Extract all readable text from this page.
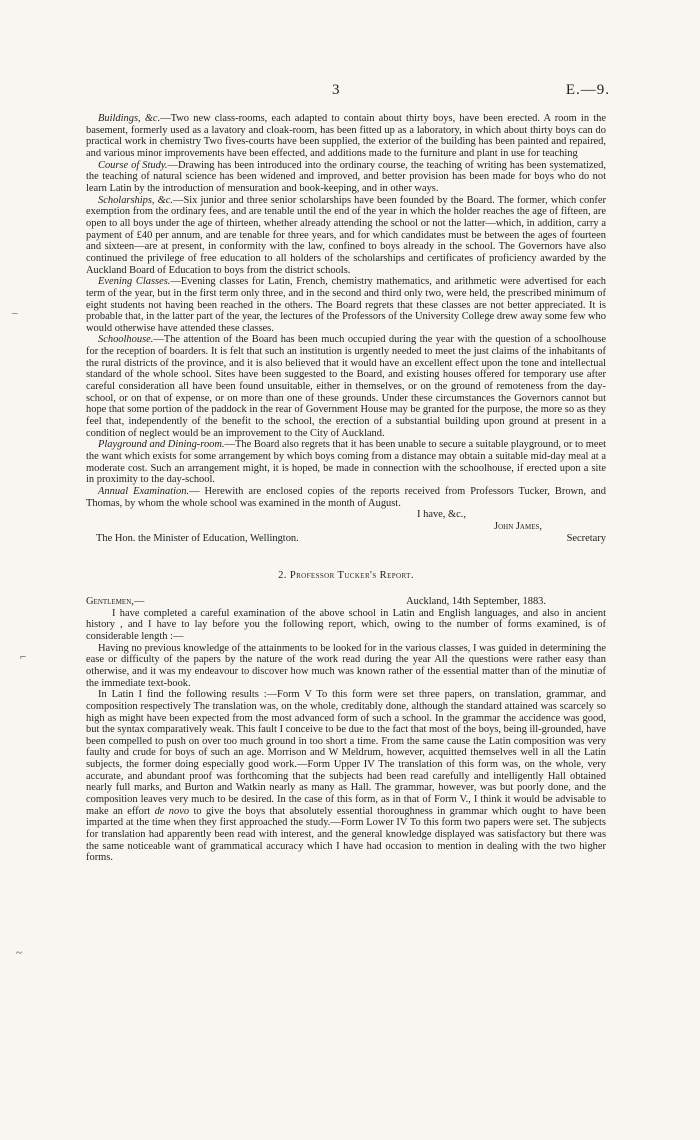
3	E.—9.
–
⌐
~

Buildings, &c.—Two new class-rooms, each adapted to contain about thirty boys, have been erected. A room in the basement, formerly used as a lavatory and cloak-room, has been fitted up as a laboratory, in which about thirty boys can do practical work in chemistry Two fives-courts have been supplied, the exterior of the building has been painted and repaired, and various minor improvements have been effected, and additions made to the furniture and plant in use for teaching

Course of Study.—Drawing has been introduced into the ordinary course, the teaching of writing has been systematized, the teaching of natural science has been widened and improved, and better provision has been made for boys who do not learn Latin by the introduction of mensuration and book-keeping, and in other ways.

Scholarships, &c.—Six junior and three senior scholarships have been founded by the Board. The former, which confer exemption from the ordinary fees, and are tenable until the end of the year in which the holder reaches the age of fifteen, are open to all boys under the age of thirteen, whether already attending the school or not the latter—which, in addition, carry a payment of £40 per annum, and are tenable for three years, and for which candidates must be between the ages of fourteen and sixteen—are at present, in conformity with the law, confined to boys already in the school. The Governors have also continued the privilege of free education to all holders of the scholarships and certificates of proficiency awarded by the Auckland Board of Education to boys from the district schools.

Evening Classes.—Evening classes for Latin, French, chemistry mathematics, and arithmetic were advertised for each term of the year, but in the first term only three, and in the second and third only two, were held, the prescribed minimum of eight students not having been reached in the others. The Board regrets that these classes are not better appreciated. It is probable that, in the latter part of the year, the lectures of the Professors of the University College drew away some few who would otherwise have attended these classes.

Schoolhouse.—The attention of the Board has been much occupied during the year with the question of a schoolhouse for the reception of boarders. It is felt that such an institution is urgently needed to meet the just claims of the inhabitants of the rural districts of the province, and it is also believed that it would have an excellent effect upon the tone and intellectual standard of the whole school. Sites have been suggested to the Board, and existing houses offered for temporary use after careful consideration all have been found unsuitable, either in themselves, or on the ground of remoteness from the day-school, or on that of expense, or on more than one of these grounds. Under these circumstances the Governors cannot but hope that some portion of the paddock in the rear of Government House may be granted for the purpose, the more so as they feel that, independently of the benefit to the school, the erection of a substantial building upon ground at present in a condition of neglect would be an improvement to the City of Auckland.

Playground and Dining-room.—The Board also regrets that it has been unable to secure a suitable playground, or to meet the want which exists for some arrangement by which boys coming from a distance may obtain a suitable mid-day meal at a moderate cost. Such an arrangement might, it is hoped, be made in connection with the schoolhouse, if erected upon a site in proximity to the day-school.

Annual Examination.— Herewith are enclosed copies of the reports received from Professors Tucker, Brown, and Thomas, by whom the whole school was examined in the month of August.

I have, &c.,

John James,

The Hon. the Minister of Education, Wellington.	Secretary
2. Professor Tucker's Report.
Gentlemen,—	Auckland, 14th September, 1883.

I have completed a careful examination of the above school in Latin and English languages, and also in ancient history , and I have to lay before you the following report, which, owing to the number of forms examined, is of considerable length :—

Having no previous knowledge of the attainments to be looked for in the various classes, I was guided in determining the ease or difficulty of the papers by the nature of the work read during the year All the questions were rather easy than otherwise, and it was my endeavour to discover how much was known rather of the essential matter than of the minutiæ of the immediate text-book.

In Latin I find the following results :—Form V To this form were set three papers, on translation, grammar, and composition respectively The translation was, on the whole, creditably done, although the standard attained was scarcely so high as might have been expected from the most advanced form of such a school. In the grammar the accidence was good, but the syntax comparatively weak. This fault I conceive to be due to the fact that most of the boys, being ill-grounded, have been compelled to push on over too much ground in too short a time. From the same cause the Latin composition was very faulty and crude for boys of such an age. Morrison and W Meldrum, however, acquitted themselves well in all the Latin subjects, the former doing especially good work.—Form Upper IV The translation of this form was, on the whole, very accurate, and abundant proof was forthcoming that the subjects had been read carefully and intelligently Hall obtained nearly full marks, and Burton and Watkin nearly as many as Hall. The grammar, however, was but poorly done, and the composition leaves very much to be desired. In the case of this form, as in that of Form V., I think it would be advisable to make an effort de novo to give the boys that absolutely essential thoroughness in grammar which ought to have been imparted at the time when they first approached the study.—Form Lower IV To this form two papers were set. The subjects for translation had apparently been read with interest, and the general knowledge displayed was satisfactory but there was the same noticeable want of grammatical accuracy which I have had occasion to mention in dealing with the two higher forms.
